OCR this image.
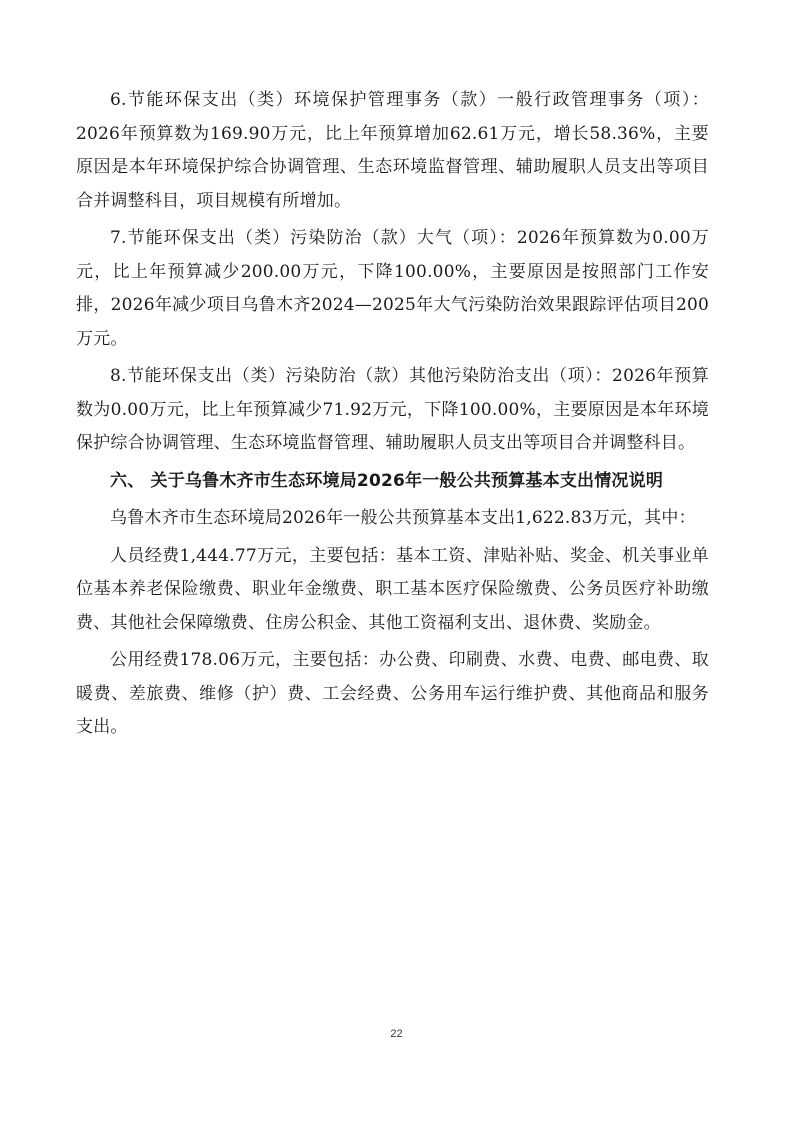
6.节能环保支出（类）环境保护管理事务（款）一般行政管理事务（项）：2026年预算数为169.90万元，比上年预算增加62.61万元，增长58.36%，主要原因是本年环境保护综合协调管理、生态环境监督管理、辅助履职人员支出等项目合并调整科目，项目规模有所增加。

7.节能环保支出（类）污染防治（款）大气（项）：2026年预算数为0.00万元，比上年预算减少200.00万元，下降100.00%，主要原因是按照部门工作安排，2026年减少项目乌鲁木齐2024—2025年大气污染防治效果跟踪评估项目200万元。

8.节能环保支出（类）污染防治（款）其他污染防治支出（项）：2026年预算数为0.00万元，比上年预算减少71.92万元，下降100.00%，主要原因是本年环境保护综合协调管理、生态环境监督管理、辅助履职人员支出等项目合并调整科目。

六、 关于乌鲁木齐市生态环境局2026年一般公共预算基本支出情况说明

乌鲁木齐市生态环境局2026年一般公共预算基本支出1,622.83万元，其中：

人员经费1,444.77万元，主要包括：基本工资、津贴补贴、奖金、机关事业单位基本养老保险缴费、职业年金缴费、职工基本医疗保险缴费、公务员医疗补助缴费、其他社会保障缴费、住房公积金、其他工资福利支出、退休费、奖励金。

公用经费178.06万元，主要包括：办公费、印刷费、水费、电费、邮电费、取暖费、差旅费、维修（护）费、工会经费、公务用车运行维护费、其他商品和服务支出。

22
